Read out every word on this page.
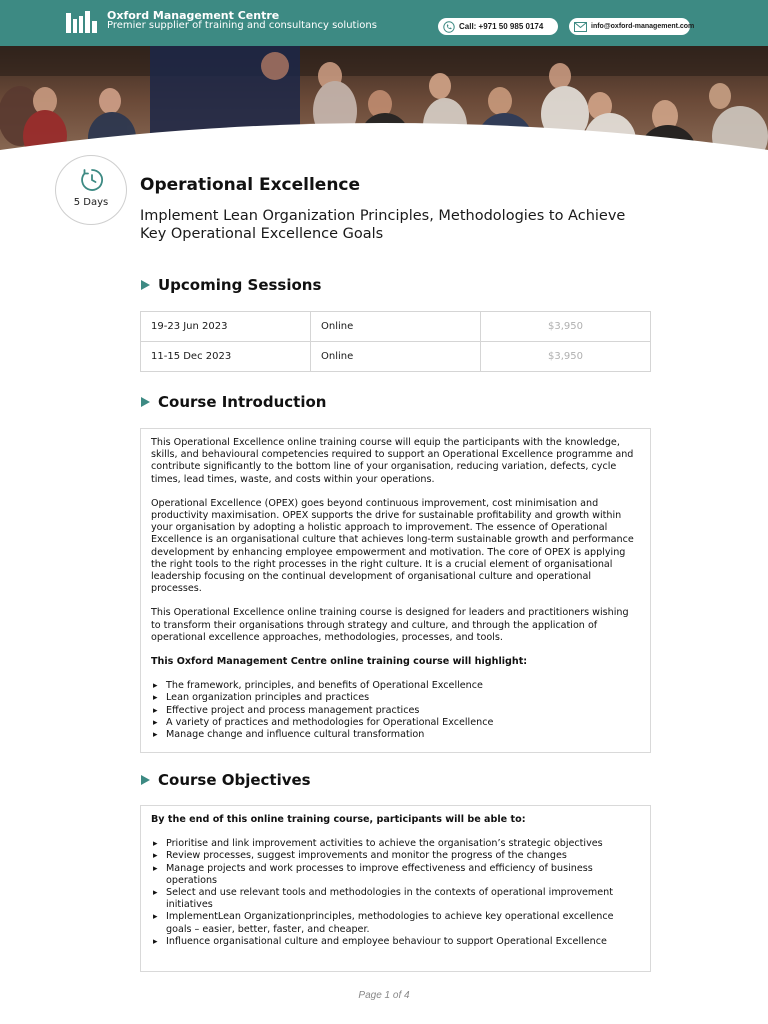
Oxford Management Centre
Premier supplier of training and consultancy solutions	Call: +971 50 985 0174	info@oxford-management.com
5 Days
Operational Excellence
Implement Lean Organization Principles, Methodologies to Achieve Key Operational Excellence Goals
Upcoming Sessions
19-23 Jun 2023	Online	$3,950
11-15 Dec 2023	Online	$3,950
Course Introduction

This Operational Excellence online training course will equip the participants with the knowledge, skills, and behavioural competencies required to support an Operational Excellence programme and contribute significantly to the bottom line of your organisation, reducing variation, defects, cycle times, lead times, waste, and costs within your operations.

Operational Excellence (OPEX) goes beyond continuous improvement, cost minimisation and productivity maximisation. OPEX supports the drive for sustainable profitability and growth within your organisation by adopting a holistic approach to improvement. The essence of Operational Excellence is an organisational culture that achieves long-term sustainable growth and performance development by enhancing employee empowerment and motivation. The core of OPEX is applying the right tools to the right processes in the right culture. It is a crucial element of organisational leadership focusing on the continual development of organisational culture and operational processes.

This Operational Excellence online training course is designed for leaders and practitioners wishing to transform their organisations through strategy and culture, and through the application of operational excellence approaches, methodologies, processes, and tools.

This Oxford Management Centre online training course will highlight:

▸ The framework, principles, and benefits of Operational Excellence
▸ Lean organization principles and practices
▸ Effective project and process management practices
▸ A variety of practices and methodologies for Operational Excellence
▸ Manage change and influence cultural transformation
Course Objectives

By the end of this online training course, participants will be able to:

▸ Prioritise and link improvement activities to achieve the organisation’s strategic objectives
▸ Review processes, suggest improvements and monitor the progress of the changes
▸ Manage projects and work processes to improve effectiveness and efficiency of business operations
▸ Select and use relevant tools and methodologies in the contexts of operational improvement initiatives
▸ ImplementLean Organizationprinciples, methodologies to achieve key operational excellence goals – easier, better, faster, and cheaper.
▸ Influence organisational culture and employee behaviour to support Operational Excellence
Page 1 of 4
